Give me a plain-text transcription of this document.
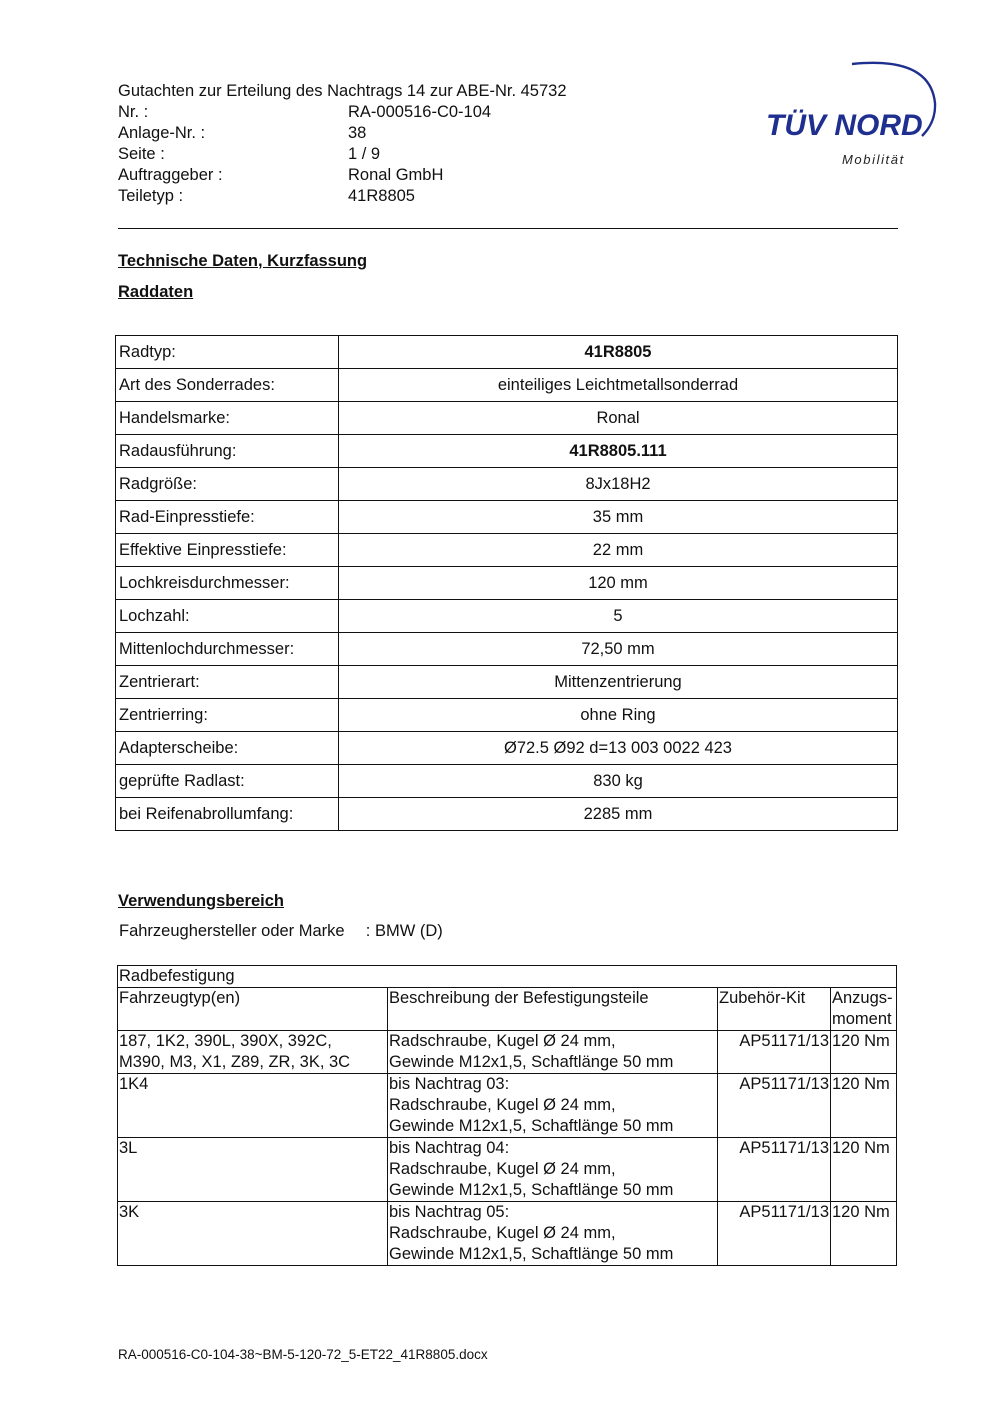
Gutachten zur Erteilung des Nachtrags 14 zur ABE-Nr. 45732
Nr. :	RA-000516-C0-104
Anlage-Nr. :	38
Seite :	1 / 9
Auftraggeber :	Ronal GmbH
Teiletyp :	41R8805
TÜV NORD
Mobilität
Technische Daten, Kurzfassung
Raddaten
Radtyp:	41R8805
Art des Sonderrades:	einteiliges Leichtmetallsonderrad
Handelsmarke:	Ronal
Radausführung:	41R8805.111
Radgröße:	8Jx18H2
Rad-Einpresstiefe:	35 mm
Effektive Einpresstiefe:	22 mm
Lochkreisdurchmesser:	120 mm
Lochzahl:	5
Mittenlochdurchmesser:	72,50 mm
Zentrierart:	Mittenzentrierung
Zentrierring:	ohne Ring
Adapterscheibe:	Ø72.5 Ø92 d=13 003 0022 423
geprüfte Radlast:	830 kg
bei Reifenabrollumfang:	2285 mm
Verwendungsbereich
Fahrzeughersteller oder Marke : BMW (D)
Radbefestigung			
Fahrzeugtyp(en)	Beschreibung der Befestigungsteile	Zubehör-Kit	Anzugs-
moment
187, 1K2, 390L, 390X, 392C,
M390, M3, X1, Z89, ZR, 3K, 3C	Radschraube, Kugel Ø 24 mm,
Gewinde M12x1,5, Schaftlänge 50 mm	AP51171/13	120 Nm
1K4	bis Nachtrag 03:
Radschraube, Kugel Ø 24 mm,
Gewinde M12x1,5, Schaftlänge 50 mm	AP51171/13	120 Nm
3L	bis Nachtrag 04:
Radschraube, Kugel Ø 24 mm,
Gewinde M12x1,5, Schaftlänge 50 mm	AP51171/13	120 Nm
3K	bis Nachtrag 05:
Radschraube, Kugel Ø 24 mm,
Gewinde M12x1,5, Schaftlänge 50 mm	AP51171/13	120 Nm
RA-000516-C0-104-38~BM-5-120-72_5-ET22_41R8805.docx
